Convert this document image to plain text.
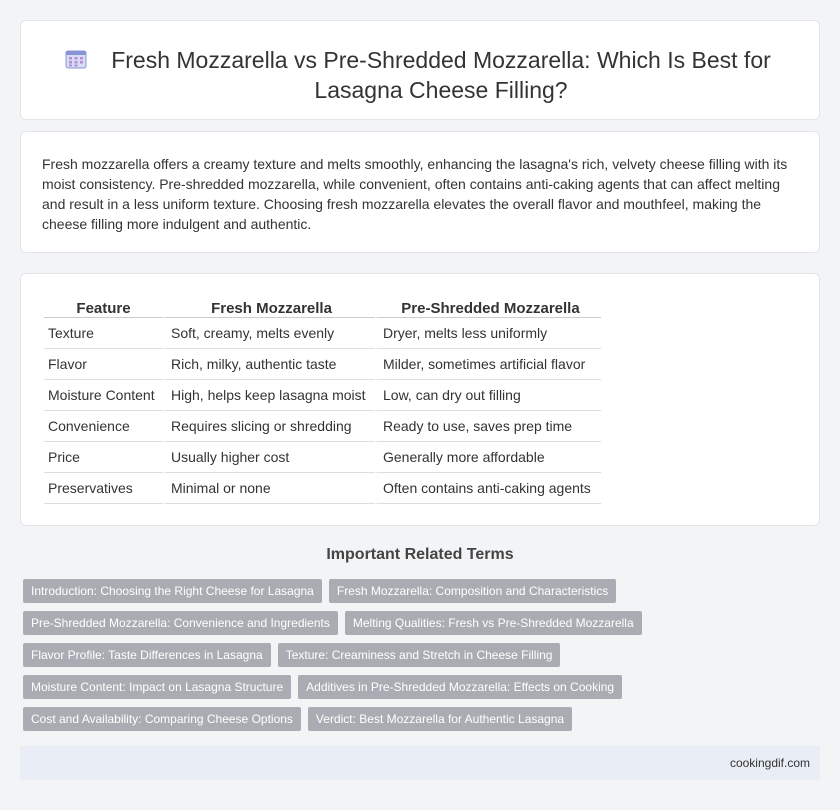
Fresh Mozzarella vs Pre-Shredded Mozzarella: Which Is Best for Lasagna Cheese Filling?

Fresh mozzarella offers a creamy texture and melts smoothly, enhancing the lasagna's rich, velvety cheese filling with its moist consistency. Pre-shredded mozzarella, while convenient, often contains anti-caking agents that can affect melting and result in a less uniform texture. Choosing fresh mozzarella elevates the overall flavor and mouthfeel, making the cheese filling more indulgent and authentic.

Feature	Fresh Mozzarella	Pre-Shredded Mozzarella
Texture	Soft, creamy, melts evenly	Dryer, melts less uniformly
Flavor	Rich, milky, authentic taste	Milder, sometimes artificial flavor
Moisture Content	High, helps keep lasagna moist	Low, can dry out filling
Convenience	Requires slicing or shredding	Ready to use, saves prep time
Price	Usually higher cost	Generally more affordable
Preservatives	Minimal or none	Often contains anti-caking agents
Important Related Terms
Introduction: Choosing the Right Cheese for Lasagna	Fresh Mozzarella: Composition and Characteristics
Pre-Shredded Mozzarella: Convenience and Ingredients	Melting Qualities: Fresh vs Pre-Shredded Mozzarella
Flavor Profile: Taste Differences in Lasagna	Texture: Creaminess and Stretch in Cheese Filling
Moisture Content: Impact on Lasagna Structure	Additives in Pre-Shredded Mozzarella: Effects on Cooking
Cost and Availability: Comparing Cheese Options	Verdict: Best Mozzarella for Authentic Lasagna
cookingdif.com
